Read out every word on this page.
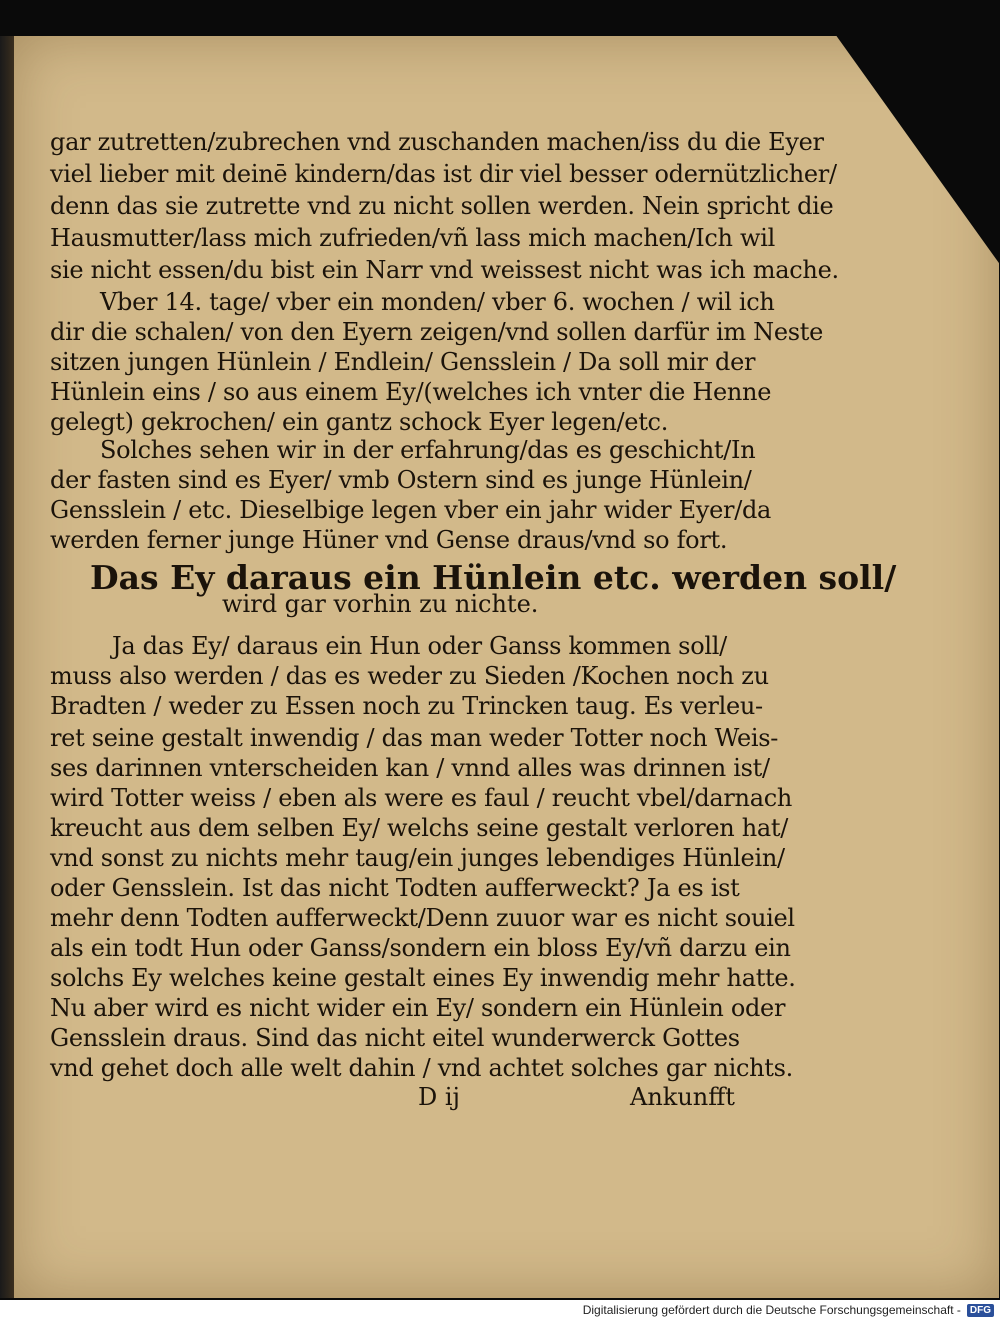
gar zutretten/zubrechen vnd zuschanden machen/iss du die Eyer
viel lieber mit deinē kindern/das ist dir viel besser odernützlicher/
denn das sie zutrette vnd zu nicht sollen werden. Nein spricht die
Hausmutter/lass mich zufrieden/vñ lass mich machen/Ich wil
sie nicht essen/du bist ein Narr vnd weissest nicht was ich mache.
Vber 14. tage/ vber ein monden/ vber 6. wochen / wil ich
dir die schalen/ von den Eyern zeigen/vnd sollen darfür im Neste
sitzen jungen Hünlein / Endlein/ Gensslein / Da soll mir der
Hünlein eins / so aus einem Ey/(welches ich vnter die Henne
gelegt) gekrochen/ ein gantz schock Eyer legen/etc.
Solches sehen wir in der erfahrung/das es geschicht/In
der fasten sind es Eyer/ vmb Ostern sind es junge Hünlein/
Gensslein / etc. Dieselbige legen vber ein jahr wider Eyer/da
werden ferner junge Hüner vnd Gense draus/vnd so fort.
Das Ey daraus ein Hünlein etc. werden soll/
wird gar vorhin zu nichte.
Ja das Ey/ daraus ein Hun oder Ganss kommen soll/
muss also werden / das es weder zu Sieden /Kochen noch zu
Bradten / weder zu Essen noch zu Trincken taug. Es verleu-
ret seine gestalt inwendig / das man weder Totter noch Weis-
ses darinnen vnterscheiden kan / vnnd alles was drinnen ist/
wird Totter weiss / eben als were es faul / reucht vbel/darnach
kreucht aus dem selben Ey/ welchs seine gestalt verloren hat/
vnd sonst zu nichts mehr taug/ein junges lebendiges Hünlein/
oder Gensslein. Ist das nicht Todten aufferweckt? Ja es ist
mehr denn Todten aufferweckt/Denn zuuor war es nicht souiel
als ein todt Hun oder Ganss/sondern ein bloss Ey/vñ darzu ein
solchs Ey welches keine gestalt eines Ey inwendig mehr hatte.
Nu aber wird es nicht wider ein Ey/ sondern ein Hünlein oder
Gensslein draus. Sind das nicht eitel wunderwerck Gottes
vnd gehet doch alle welt dahin / vnd achtet solches gar nichts.
D ij	Ankunfft
Digitalisierung gefördert durch die Deutsche Forschungsgemeinschaft - DFG
